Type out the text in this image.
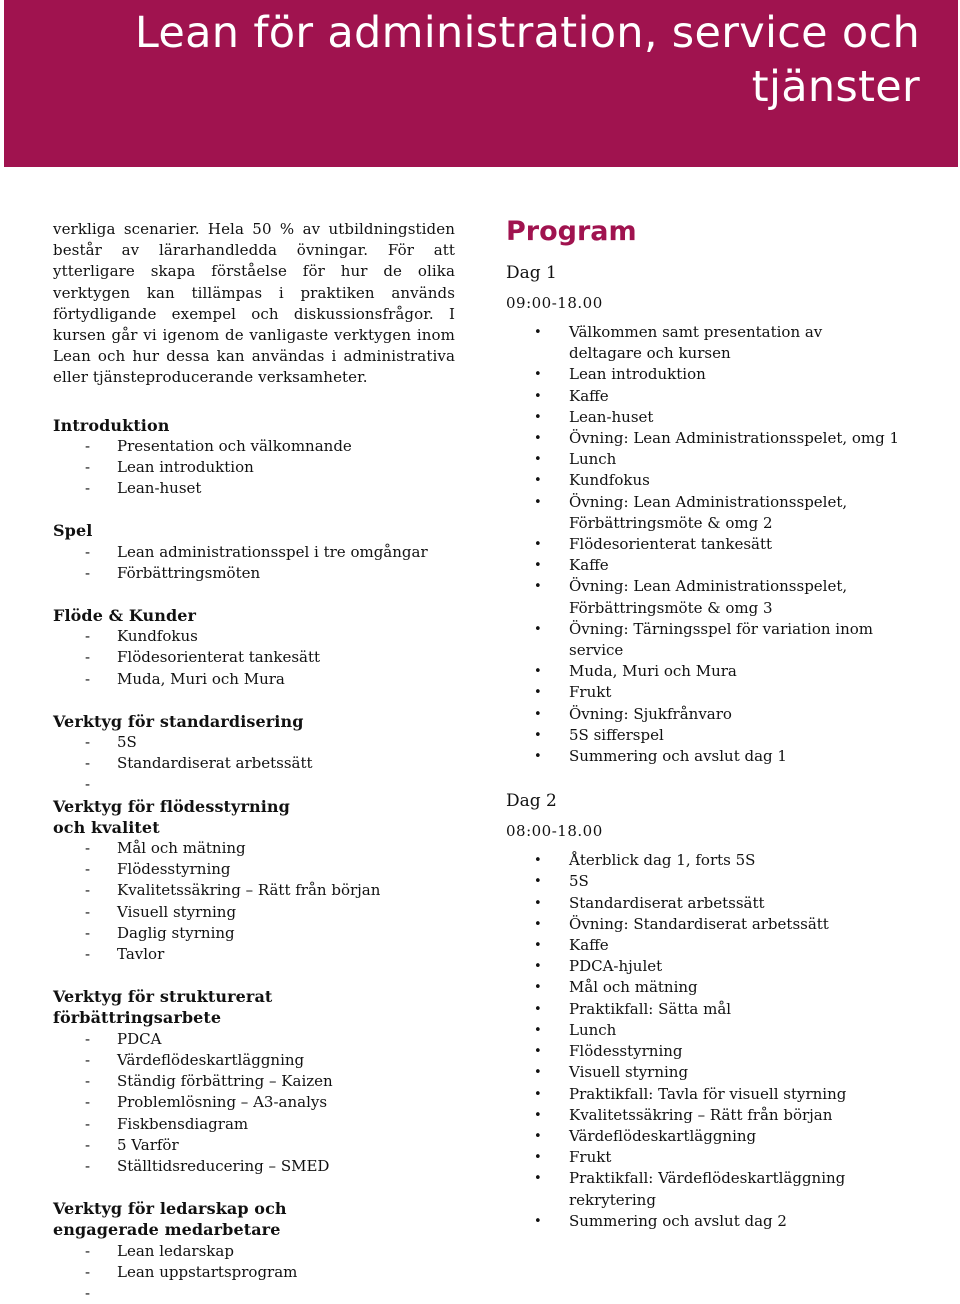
Lean för administration, service och
tjänster

verkliga scenarier. Hela 50 % av utbildningstiden består av lärarhandledda övningar. För att ytterligare skapa förståelse för hur de olika verktygen kan tillämpas i praktiken används förtydligande exempel och diskussionsfrågor. I kursen går vi igenom de vanligaste verktygen inom Lean och hur dessa kan användas i administrativa eller tjänsteproducerande verksamheter.

Introduktion

- Presentation och välkomnande
- Lean introduktion
- Lean-huset

Spel

- Lean administrationsspel i tre omgångar
- Förbättringsmöten

Flöde & Kunder

- Kundfokus
- Flödesorienterat tankesätt
- Muda, Muri och Mura

Verktyg för standardisering

- 5S
- Standardiserat arbetssätt
-

Verktyg för flödesstyrning
och kvalitet

- Mål och mätning
- Flödesstyrning
- Kvalitetssäkring – Rätt från början
- Visuell styrning
- Daglig styrning
- Tavlor

Verktyg för strukturerat
förbättringsarbete

- PDCA
- Värdeflödeskartläggning
- Ständig förbättring – Kaizen
- Problemlösning – A3-analys
- Fiskbensdiagram
- 5 Varför
- Ställtidsreducering – SMED

Verktyg för ledarskap och
engagerade medarbetare

- Lean ledarskap
- Lean uppstartsprogram
-
Program

Dag 1

09:00-18.00

• Välkommen samt presentation av
deltagare och kursen
• Lean introduktion
• Kaffe
• Lean-huset
• Övning: Lean Administrationsspelet, omg 1
• Lunch
• Kundfokus
• Övning: Lean Administrationsspelet,
Förbättringsmöte & omg 2
• Flödesorienterat tankesätt
• Kaffe
• Övning: Lean Administrationsspelet,
Förbättringsmöte & omg 3
• Övning: Tärningsspel för variation inom
service
• Muda, Muri och Mura
• Frukt
• Övning: Sjukfrånvaro
• 5S sifferspel
• Summering och avslut dag 1

Dag 2

08:00-18.00

• Återblick dag 1, forts 5S
• 5S
• Standardiserat arbetssätt
• Övning: Standardiserat arbetssätt
• Kaffe
• PDCA-hjulet
• Mål och mätning
• Praktikfall: Sätta mål
• Lunch
• Flödesstyrning
• Visuell styrning
• Praktikfall: Tavla för visuell styrning
• Kvalitetssäkring – Rätt från början
• Värdeflödeskartläggning
• Frukt
• Praktikfall: Värdeflödeskartläggning
rekrytering
• Summering och avslut dag 2
